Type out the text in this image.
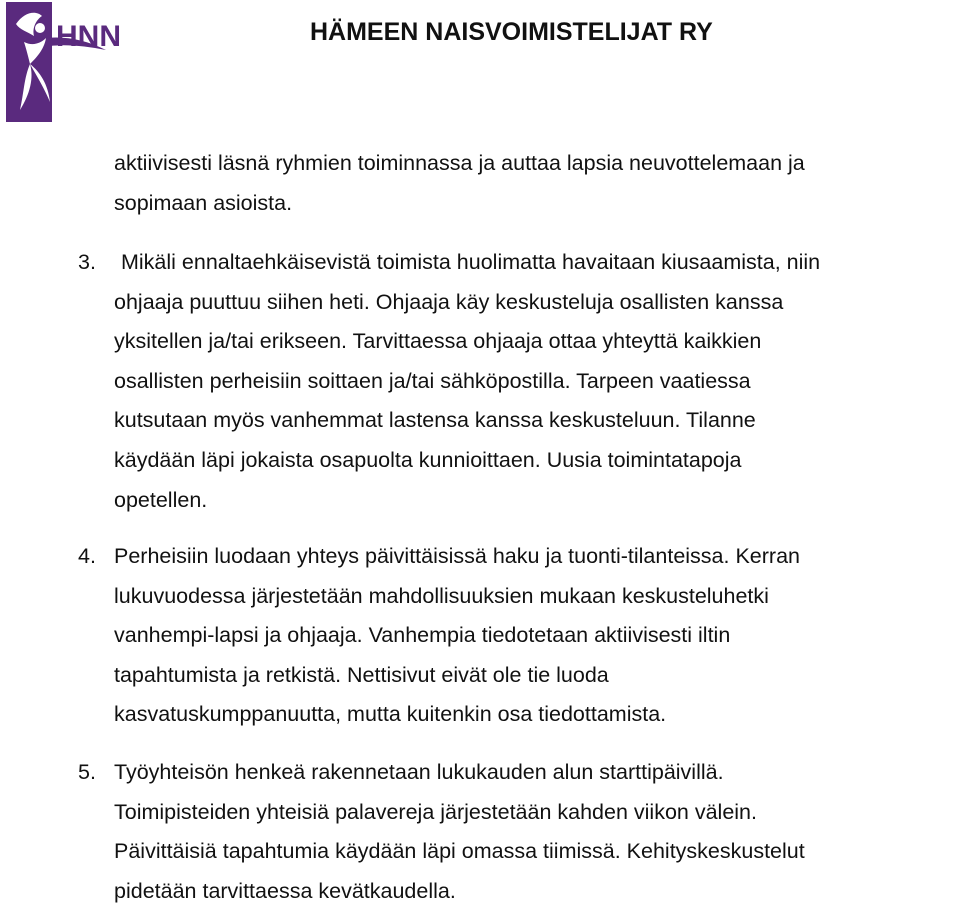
HNN	HÄMEEN NAISVOIMISTELIJAT RY
aktiivisesti läsnä ryhmien toiminnassa ja auttaa lapsia neuvottelemaan ja
sopimaan asioista.
3. Mikäli ennaltaehkäisevistä toimista huolimatta havaitaan kiusaamista, niin
ohjaaja puuttuu siihen heti. Ohjaaja käy keskusteluja osallisten kanssa
yksitellen ja/tai erikseen. Tarvittaessa ohjaaja ottaa yhteyttä kaikkien
osallisten perheisiin soittaen ja/tai sähköpostilla. Tarpeen vaatiessa
kutsutaan myös vanhemmat lastensa kanssa keskusteluun. Tilanne
käydään läpi jokaista osapuolta kunnioittaen. Uusia toimintatapoja
opetellen.
4. Perheisiin luodaan yhteys päivittäisissä haku ja tuonti-tilanteissa. Kerran
lukuvuodessa järjestetään mahdollisuuksien mukaan keskusteluhetki
vanhempi-lapsi ja ohjaaja. Vanhempia tiedotetaan aktiivisesti iltin
tapahtumista ja retkistä. Nettisivut eivät ole tie luoda
kasvatuskumppanuutta, mutta kuitenkin osa tiedottamista.
5. Työyhteisön henkeä rakennetaan lukukauden alun starttipäivillä.
Toimipisteiden yhteisiä palavereja järjestetään kahden viikon välein.
Päivittäisiä tapahtumia käydään läpi omassa tiimissä. Kehityskeskustelut
pidetään tarvittaessa kevätkaudella.
